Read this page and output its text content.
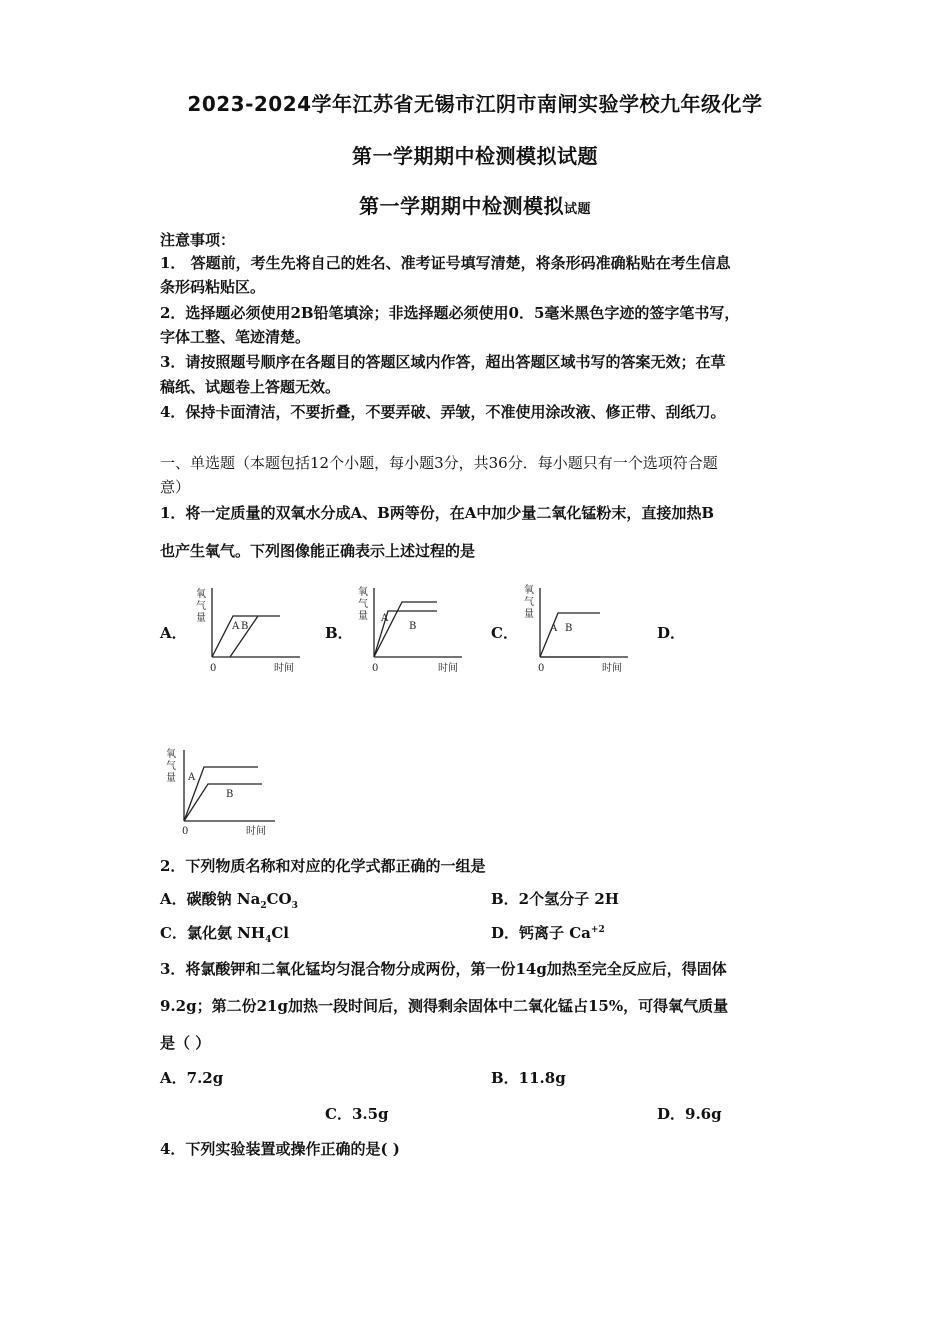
2023-2024学年江苏省无锡市江阴市南闸实验学校九年级化学
第一学期期中检测模拟试题
第一学期期中检测模拟试题
注意事项：
1． 答题前，考生先将自己的姓名、准考证号填写清楚，将条形码准确粘贴在考生信息
条形码粘贴区。
2．选择题必须使用2B铅笔填涂；非选择题必须使用0．5毫米黑色字迹的签字笔书写，
字体工整、笔迹清楚。
3．请按照题号顺序在各题目的答题区域内作答，超出答题区域书写的答案无效；在草
稿纸、试题卷上答题无效。
4．保持卡面清洁，不要折叠，不要弄破、弄皱，不准使用涂改液、修正带、刮纸刀。
一、单选题（本题包括12个小题，每小题3分，共36分．每小题只有一个选项符合题
意）
1．将一定质量的双氧水分成A、B两等份，在A中加少量二氧化锰粉末，直接加热B
也产生氧气。下列图像能正确表示上述过程的是
A．	B．	C．	D．
氧
气
量
A B
0	时间
氧
气
量 A
B
0	时间
氧
气
量
A B
0	时间
氧
气
量 A
B
0	时间
2．下列物质名称和对应的化学式都正确的一组是
A．碳酸钠 $Na_2CO_3$	B．2个氢分子 2H
C．氯化氨 $NH_4Cl$	D．钙离子 $Ca^{+2}$
3．将氯酸钾和二氧化锰均匀混合物分成两份，第一份14g加热至完全反应后，得固体
9.2g；第二份21g加热一段时间后，测得剩余固体中二氧化锰占15%，可得氧气质量
是（ ）
A．7.2g	B．11.8g
C．3.5g	D．9.6g
4．下列实验装置或操作正确的是( )
